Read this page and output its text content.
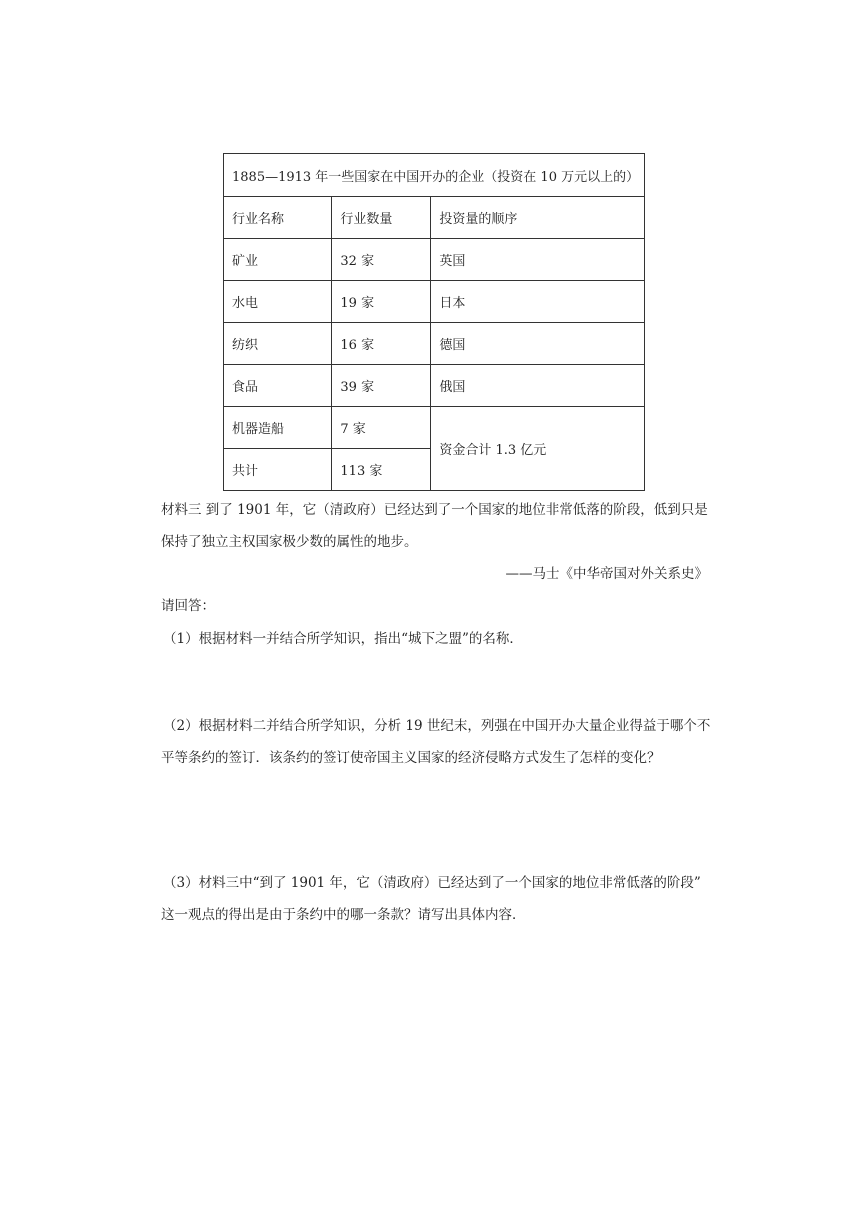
1885—1913 年一些国家在中国开办的企业（投资在 10 万元以上的）		
行业名称	行业数量	投资量的顺序
矿业	32 家	英国
水电	19 家	日本
纺织	16 家	德国
食品	39 家	俄国
机器造船	7 家	资金合计 1.3 亿元
共计	113 家	
材料三 到了 1901 年，它（清政府）已经达到了一个国家的地位非常低落的阶段，低到只是
保持了独立主权国家极少数的属性的地步。
——马士《中华帝国对外关系史》
请回答：
（1）根据材料一并结合所学知识，指出“城下之盟”的名称．
（2）根据材料二并结合所学知识，分析 19 世纪末，列强在中国开办大量企业得益于哪个不
平等条约的签订．该条约的签订使帝国主义国家的经济侵略方式发生了怎样的变化？
（3）材料三中“到了 1901 年，它（清政府）已经达到了一个国家的地位非常低落的阶段”
这一观点的得出是由于条约中的哪一条款？请写出具体内容．
